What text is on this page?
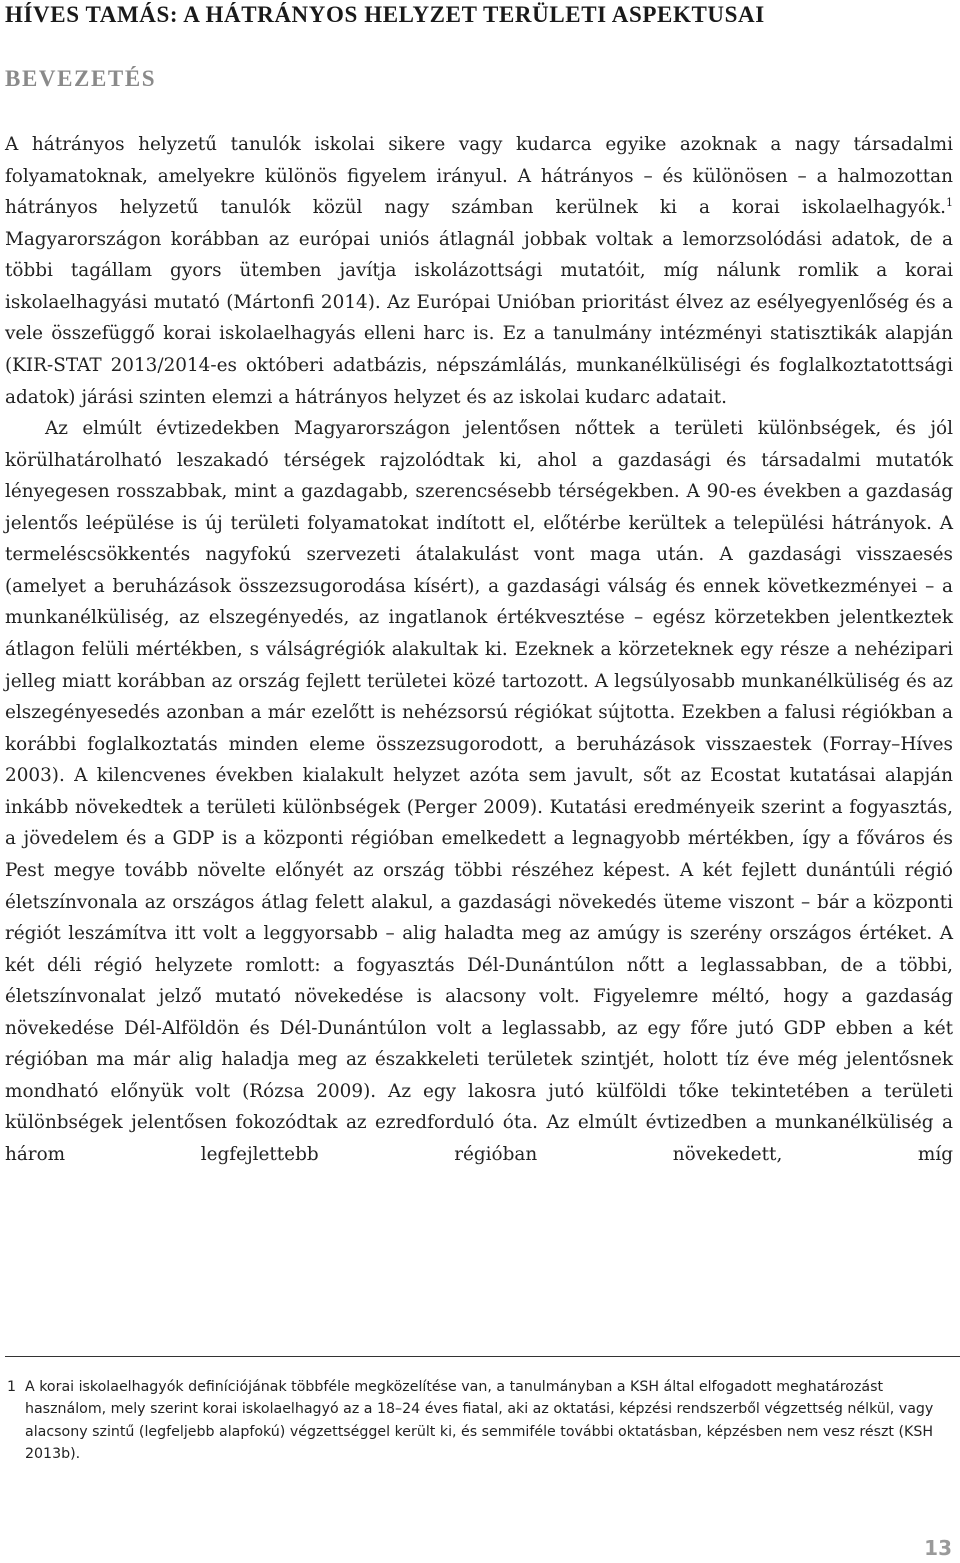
HÍVES TAMÁS: A HÁTRÁNYOS HELYZET TERÜLETI ASPEKTUSAI
BEVEZETÉS

A hátrányos helyzetű tanulók iskolai sikere vagy kudarca egyike azoknak a nagy társadalmi folyamatoknak, amelyekre különös figyelem irányul. A hátrányos – és különösen – a halmozottan hátrányos helyzetű tanulók közül nagy számban kerülnek ki a korai iskolaelhagyók.$^1$ Magyarországon korábban az európai uniós átlagnál jobbak voltak a lemorzsolódási adatok, de a többi tagállam gyors ütemben javítja iskolázottsági mutatóit, míg nálunk romlik a korai iskolaelhagyási mutató (Mártonfi 2014). Az Európai Unióban prioritást élvez az esélyegyenlőség és a vele összefüggő korai iskolaelhagyás elleni harc is. Ez a tanulmány intézményi statisztikák alapján (KIR-STAT 2013/2014-es októberi adatbázis, népszámlálás, munkanélküliségi és foglalkoztatottsági adatok) járási szinten elemzi a hátrányos helyzet és az iskolai kudarc adatait.

Az elmúlt évtizedekben Magyarországon jelentősen nőttek a területi különbségek, és jól körülhatárolható leszakadó térségek rajzolódtak ki, ahol a gazdasági és társadalmi mutatók lényegesen rosszabbak, mint a gazdagabb, szerencsésebb térségekben. A 90-es években a gazdaság jelentős leépülése is új területi folyamatokat indított el, előtérbe kerültek a települési hátrányok. A termeléscsökkentés nagyfokú szervezeti átalakulást vont maga után. A gazdasági visszaesés (amelyet a beruházások összezsugorodása kísért), a gazdasági válság és ennek következményei – a munkanélküliség, az elszegényedés, az ingatlanok értékvesztése – egész körzetekben jelentkeztek átlagon felüli mértékben, s válságrégiók alakultak ki. Ezeknek a körzeteknek egy része a nehézipari jelleg miatt korábban az ország fejlett területei közé tartozott. A legsúlyosabb munkanélküliség és az elszegényesedés azonban a már ezelőtt is nehézsorsú régiókat sújtotta. Ezekben a falusi régiókban a korábbi foglalkoztatás minden eleme összezsugorodott, a beruházások visszaestek (Forray–Híves 2003). A kilencvenes években kialakult helyzet azóta sem javult, sőt az Ecostat kutatásai alapján inkább növekedtek a területi különbségek (Perger 2009). Kutatási eredményeik szerint a fogyasztás, a jövedelem és a GDP is a központi régióban emelkedett a legnagyobb mértékben, így a főváros és Pest megye tovább növelte előnyét az ország többi részéhez képest. A két fejlett dunántúli régió életszínvonala az országos átlag felett alakul, a gazdasági növekedés üteme viszont – bár a központi régiót leszámítva itt volt a leggyorsabb – alig haladta meg az amúgy is szerény országos értéket. A két déli régió helyzete romlott: a fogyasztás Dél-Dunántúlon nőtt a leglassabban, de a többi, életszínvonalat jelző mutató növekedése is alacsony volt. Figyelemre méltó, hogy a gazdaság növekedése Dél-Alföldön és Dél-Dunántúlon volt a leglassabb, az egy főre jutó GDP ebben a két régióban ma már alig haladja meg az északkeleti területek szintjét, holott tíz éve még jelentősnek mondható előnyük volt (Rózsa 2009). Az egy lakosra jutó külföldi tőke tekintetében a területi különbségek jelentősen fokozódtak az ezredforduló óta. Az elmúlt évtizedben a munkanélküliség a három legfejlettebb régióban növekedett, míg

1 A korai iskolaelhagyók definíciójának többféle megközelítése van, a tanulmányban a KSH által elfogadott meghatározást használom, mely szerint korai iskolaelhagyó az a 18–24 éves fiatal, aki az oktatási, képzési rendszerből végzettség nélkül, vagy alacsony szintű (legfeljebb alapfokú) végzettséggel került ki, és semmiféle további oktatásban, képzésben nem vesz részt (KSH 2013b).
13
